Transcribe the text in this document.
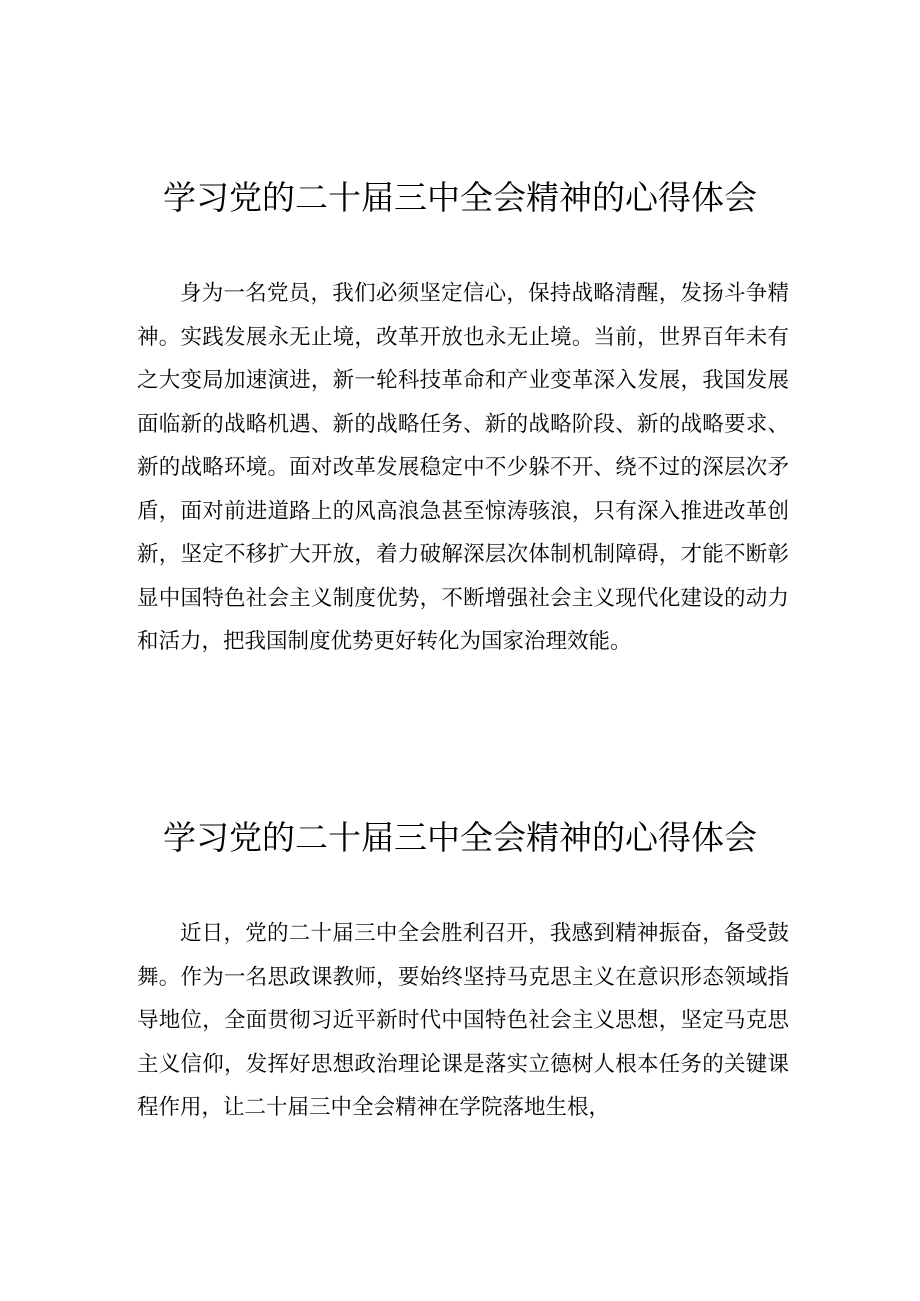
学习党的二十届三中全会精神的心得体会

身为一名党员，我们必须坚定信心，保持战略清醒，发扬斗争精神。实践发展永无止境，改革开放也永无止境。当前，世界百年未有之大变局加速演进，新一轮科技革命和产业变革深入发展，我国发展面临新的战略机遇、新的战略任务、新的战略阶段、新的战略要求、新的战略环境。面对改革发展稳定中不少躲不开、绕不过的深层次矛盾，面对前进道路上的风高浪急甚至惊涛骇浪，只有深入推进改革创新，坚定不移扩大开放，着力破解深层次体制机制障碍，才能不断彰显中国特色社会主义制度优势，不断增强社会主义现代化建设的动力和活力，把我国制度优势更好转化为国家治理效能。

学习党的二十届三中全会精神的心得体会

近日，党的二十届三中全会胜利召开，我感到精神振奋，备受鼓舞。作为一名思政课教师，要始终坚持马克思主义在意识形态领域指导地位，全面贯彻习近平新时代中国特色社会主义思想，坚定马克思主义信仰，发挥好思想政治理论课是落实立德树人根本任务的关键课程作用，让二十届三中全会精神在学院落地生根，
